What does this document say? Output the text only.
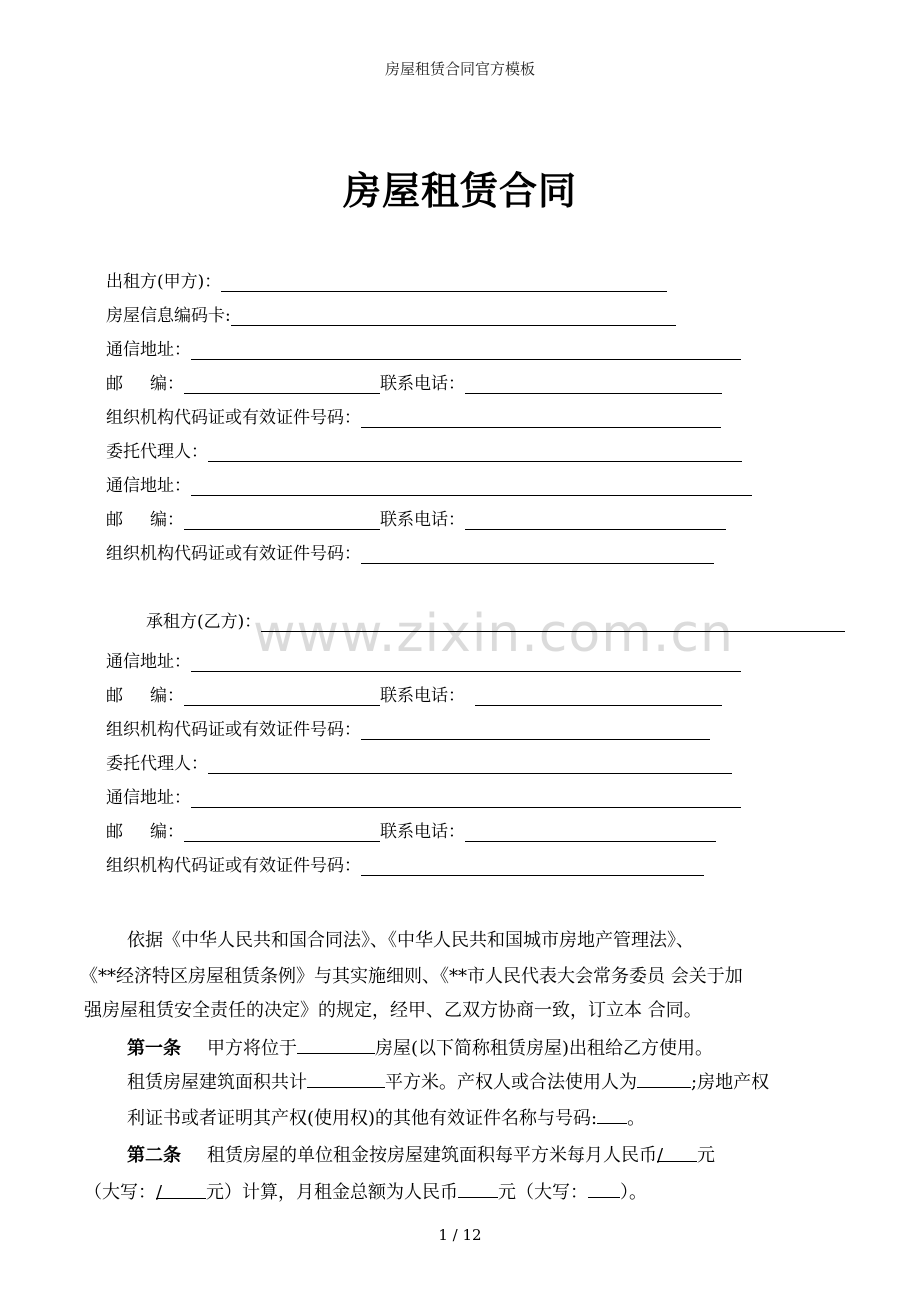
房屋租赁合同官方模板
房屋租赁合同
出租方(甲方)：
房屋信息编码卡:
通信地址：
邮     编：	联系电话：
组织机构代码证或有效证件号码：
委托代理人：
通信地址：
邮     编：	联系电话：
组织机构代码证或有效证件号码：
www.zixin.com.cn
承租方(乙方)：
通信地址：
邮     编：	联系电话：
组织机构代码证或有效证件号码：
委托代理人：
通信地址：
邮     编：	联系电话：
组织机构代码证或有效证件号码：
依据《中华人民共和国合同法》、《中华人民共和国城市房地产管理法》、
《**经济特区房屋租赁条例》与其实施细则、《**市人民代表大会常务委员 会关于加
强房屋租赁安全责任的决定》的规定，经甲、乙双方协商一致，订立本 合同。
第一条 甲方将位于	房屋(以下简称租赁房屋)出租给乙方使用。
租赁房屋建筑面积共计	平方米。产权人或合法使用人为	;房地产权
利证书或者证明其产权(使用权)的其他有效证件名称与号码: 。
第二条 租赁房屋的单位租金按房屋建筑面积每平方米每月人民币/ 元
（大写：/ 元）计算，月租金总额为人民币 元（大写： ）。
1 / 12
